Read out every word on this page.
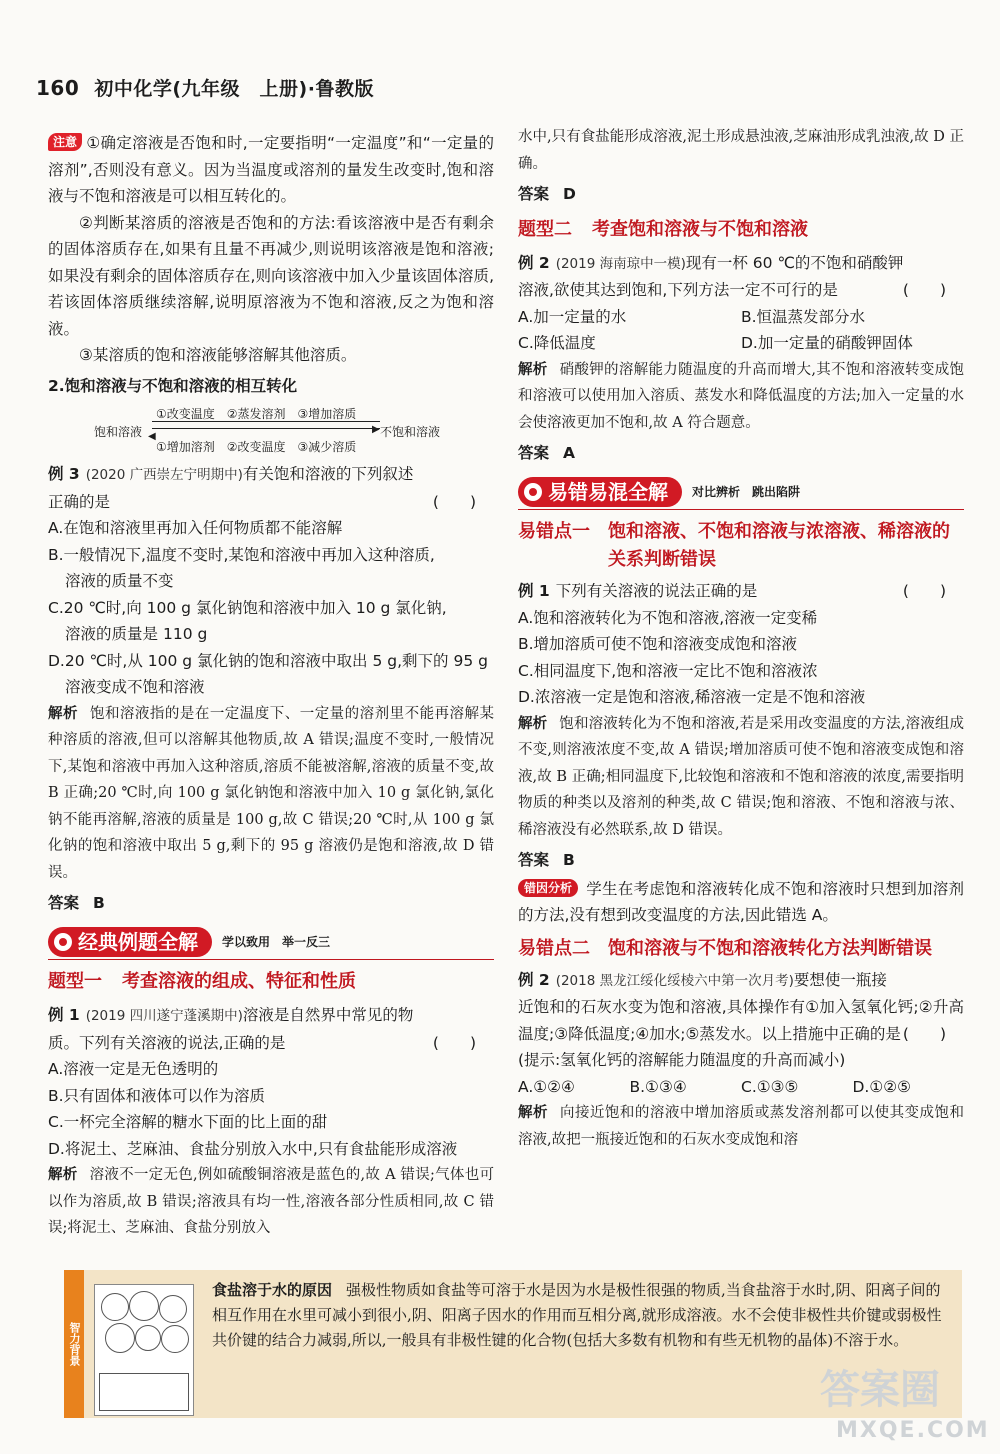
160 初中化学(九年级　上册)·鲁教版

注意 ①确定溶液是否饱和时,一定要指明“一定温度”和“一定量的溶剂”,否则没有意义。因为当温度或溶剂的量发生改变时,饱和溶液与不饱和溶液是可以相互转化的。

②判断某溶质的溶液是否饱和的方法:看该溶液中是否有剩余的固体溶质存在,如果有且量不再减少,则说明该溶液是饱和溶液;如果没有剩余的固体溶质存在,则向该溶液中加入少量该固体溶质,若该固体溶质继续溶解,说明原溶液为不饱和溶液,反之为饱和溶液。

③某溶质的饱和溶液能够溶解其他溶质。

2.饱和溶液与不饱和溶液的相互转化
①改变温度　②蒸发溶剂　③增加溶质
饱和溶液	▶
◀	不饱和溶液
①增加溶剂　②改变温度　③减少溶质

例 3 (2020 广西崇左宁明期中)有关饱和溶液的下列叙述

正确的是	(　　)

A.在饱和溶液里再加入任何物质都不能溶解

B.一般情况下,温度不变时,某饱和溶液中再加入这种溶质,

溶液的质量不变

C.20 ℃时,向 100 g 氯化钠饱和溶液中加入 10 g 氯化钠,

溶液的质量是 110 g

D.20 ℃时,从 100 g 氯化钠的饱和溶液中取出 5 g,剩下的 95 g

溶液变成不饱和溶液

解析 饱和溶液指的是在一定温度下、一定量的溶剂里不能再溶解某种溶质的溶液,但可以溶解其他物质,故 A 错误;温度不变时,一般情况下,某饱和溶液中再加入这种溶质,溶质不能被溶解,溶液的质量不变,故 B 正确;20 ℃时,向 100 g 氯化钠饱和溶液中加入 10 g 氯化钠,氯化钠不能再溶解,溶液的质量是 100 g,故 C 错误;20 ℃时,从 100 g 氯化钠的饱和溶液中取出 5 g,剩下的 95 g 溶液仍是饱和溶液,故 D 错误。

答案 B
经典例题全解	学以致用　举一反三
题型一 考查溶液的组成、特征和性质

例 1 (2019 四川遂宁蓬溪期中)溶液是自然界中常见的物

质。下列有关溶液的说法,正确的是	(　　)

A.溶液一定是无色透明的

B.只有固体和液体可以作为溶质

C.一杯完全溶解的糖水下面的比上面的甜

D.将泥土、芝麻油、食盐分别放入水中,只有食盐能形成溶液

解析 溶液不一定无色,例如硫酸铜溶液是蓝色的,故 A 错误;气体也可以作为溶质,故 B 错误;溶液具有均一性,溶液各部分性质相同,故 C 错误;将泥土、芝麻油、食盐分别放入

水中,只有食盐能形成溶液,泥土形成悬浊液,芝麻油形成乳浊液,故 D 正确。

答案 D
题型二 考查饱和溶液与不饱和溶液

例 2 (2019 海南琼中一模)现有一杯 60 ℃的不饱和硝酸钾

溶液,欲使其达到饱和,下列方法一定不可行的是	(　　)

A.加一定量的水	B.恒温蒸发部分水
C.降低温度	D.加一定量的硝酸钾固体

解析 硝酸钾的溶解能力随温度的升高而增大,其不饱和溶液转变成饱和溶液可以使用加入溶质、蒸发水和降低温度的方法;加入一定量的水会使溶液更加不饱和,故 A 符合题意。

答案 A
易错易混全解	对比辨析　跳出陷阱
易错点一 饱和溶液、不饱和溶液与浓溶液、稀溶液的关系判断错误

例 1 下列有关溶液的说法正确的是	(　　)

A.饱和溶液转化为不饱和溶液,溶液一定变稀

B.增加溶质可使不饱和溶液变成饱和溶液

C.相同温度下,饱和溶液一定比不饱和溶液浓

D.浓溶液一定是饱和溶液,稀溶液一定是不饱和溶液

解析 饱和溶液转化为不饱和溶液,若是采用改变温度的方法,溶液组成不变,则溶液浓度不变,故 A 错误;增加溶质可使不饱和溶液变成饱和溶液,故 B 正确;相同温度下,比较饱和溶液和不饱和溶液的浓度,需要指明物质的种类以及溶剂的种类,故 C 错误;饱和溶液、不饱和溶液与浓、稀溶液没有必然联系,故 D 错误。

答案 B

错因分析 学生在考虑饱和溶液转化成不饱和溶液时只想到加溶剂的方法,没有想到改变温度的方法,因此错选 A。

易错点二 饱和溶液与不饱和溶液转化方法判断错误

例 2 (2018 黑龙江绥化绥棱六中第一次月考)要想使一瓶接

近饱和的石灰水变为饱和溶液,具体操作有①加入氢氧化钙;②升高温度;③降低温度;④加水;⑤蒸发水。以上措施中正确的是 (　　)

(提示:氢氧化钙的溶解能力随温度的升高而减小)

A.①②④	B.①③④	C.①③⑤	D.①②⑤

解析 向接近饱和的溶液中增加溶质或蒸发溶剂都可以使其变成饱和溶液,故把一瓶接近饱和的石灰水变成饱和溶

智力背景
食盐溶于水的原因 强极性物质如食盐等可溶于水是因为水是极性很强的物质,当食盐溶于水时,阴、阳离子间的相互作用在水里可减小到很小,阴、阳离子因水的作用而互相分离,就形成溶液。水不会使非极性共价键或弱极性共价键的结合力减弱,所以,一般具有非极性键的化合物(包括大多数有机物和有些无机物的晶体)不溶于水。
答案圈
MXQE.COM
